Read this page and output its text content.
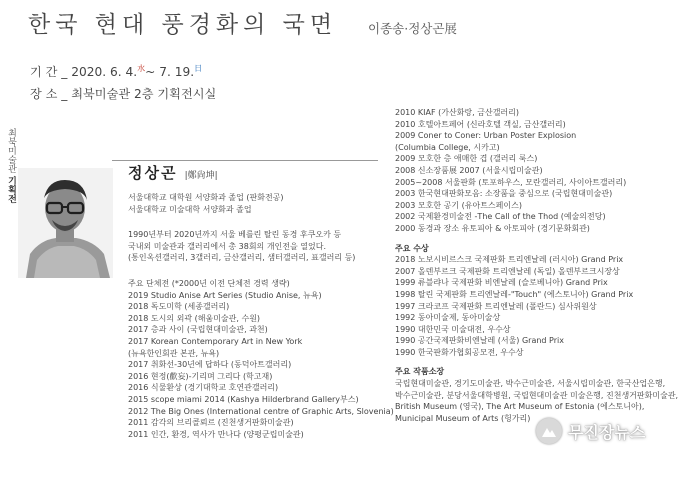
한국 현대 풍경화의 국면 이종송·정상곤展
기 간 _ 2020. 6. 4.$^水$~ 7. 19.$^日$
장 소 _ 최북미술관 2층 기획전시실
최북미술관 기획전
정상곤 |鄭尙坤|
서울대학교 대학원 서양화과 졸업 (판화전공)
서울대학교 미술대학 서양화과 졸업
1990년부터 2020년까지 서울 베를린 탈린 동경 후쿠오카 등
국내외 미술관과 갤러리에서 총 38회의 개인전을 열었다.
(통인옥션갤러리, 3갤러리, 금산갤러리, 샘터갤러리, 표갤러리 등)
주요 단체전 (*2000년 이전 단체전 경력 생략)
2019 Studio Anise Art Series (Studio Anise, 뉴욕)
2018 독도미학 (세종갤러리)
2018 도시의 외곽 (해움미술관, 수원)
2017 층과 사이 (국립현대미술관, 과천)
2017 Korean Contemporary Art in New York
(뉴욕한인회관 본관, 뉴욕)
2017 취화선-30년에 답하다 (동덕아트갤러리)
2016 현정(歡妄)-기리며 그리다 (학고재)
2016 식물환상 (경기대학교 호연관갤러리)
2015 scope miami 2014 (Kashya Hilderbrand Gallery부스)
2012 The Big Ones (International centre of Graphic Arts, Slovenia)
2011 감각의 브리콜뢰르 (진천생거판화미술관)
2011 인간, 환경, 역사가 만나다 (양평군립미술관)
2010 KIAF (가산화랑, 금산갤러리)
2010 호텔아트페어 (신라호텔 객실, 금산갤러리)
2009 Coner to Coner: Urban Poster Explosion
(Columbia College, 시카고)
2009 모호한 층 애매한 겹 (갤러리 룩스)
2008 신소장품展 2007 (서울시립미술관)
2005~2008 서울판화 (토포하우스, 모란갤러리, 사이아트갤러리)
2003 한국현대판화모음: 소장품을 중심으로 (국립현대미술관)
2003 모호한 공기 (유아트스페이스)
2002 국제환경미술전 -The Call of the Thod (예술의전당)
2000 동경과 장소 유토피아 & 아토피아 (경기문화회관)
주요 수상
2018 노보시비르스크 국제판화 트리엔날레 (러시아) Grand Prix
2007 올덴부르크 국제판화 트리엔날레 (독일) 올덴부르크시장상
1999 류블랴나 국제판화 비엔날레 (슬로베니아) Grand Prix
1998 탈린 국제판화 트리엔날레-"Touch" (에스토니아) Grand Prix
1997 크라코프 국제판화 트리엔날레 (폴란드) 심사위원상
1992 동아미술제, 동아미술상
1990 대한민국 미술대전, 우수상
1990 공간국제판화비엔날레 (서울) Grand Prix
1990 한국판화가협회공모전, 우수상
주요 작품소장
국립현대미술관, 경기도미술관, 박수근미술관, 서울시립미술관, 한국산업은행,
박수근미술관, 분당서울대학병원, 국립현대미술관 미술은행, 진천생거판화미술관,
British Museum (영국), The Art Museum of Estonia (에스토니아),
Municipal Museum of Arts (헝가리)
무진장뉴스
